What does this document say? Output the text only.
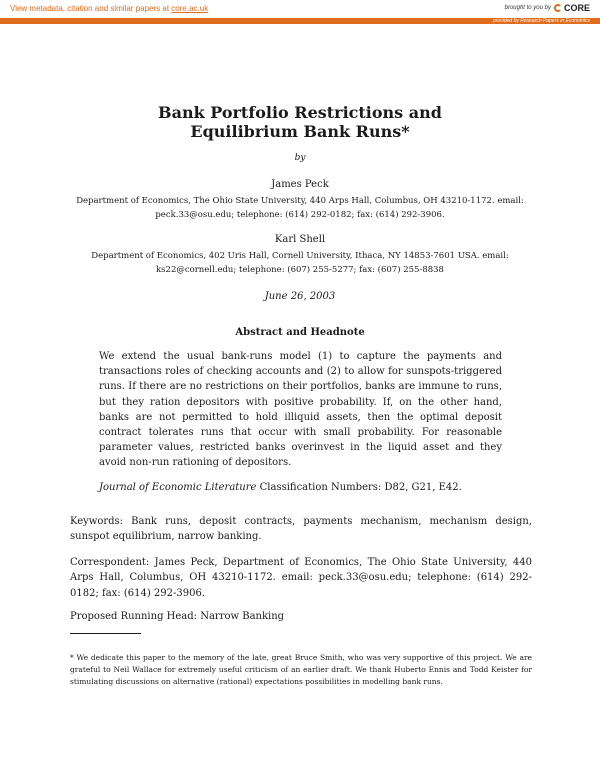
View metadata, citation and similar papers at core.ac.uk	brought to you by CORE
provided by Research Papers in Economics
Bank Portfolio Restrictions and
Equilibrium Bank Runs*
by
James Peck
Department of Economics, The Ohio State University, 440 Arps Hall, Columbus, OH 43210-1172. email:
peck.33@osu.edu; telephone: (614) 292-0182; fax: (614) 292-3906.
Karl Shell
Department of Economics, 402 Uris Hall, Cornell University, Ithaca, NY 14853-7601 USA. email:
ks22@cornell.edu; telephone: (607) 255-5277; fax: (607) 255-8838
June 26, 2003
Abstract and Headnote
We extend the usual bank-runs model (1) to capture the payments and transactions roles of checking accounts and (2) to allow for sunspots-triggered runs. If there are no restrictions on their portfolios, banks are immune to runs, but they ration depositors with positive probability. If, on the other hand, banks are not permitted to hold illiquid assets, then the optimal deposit contract tolerates runs that occur with small probability. For reasonable parameter values, restricted banks overinvest in the liquid asset and they avoid non-run rationing of depositors.
Journal of Economic Literature Classification Numbers: D82, G21, E42.
Keywords: Bank runs, deposit contracts, payments mechanism, mechanism design, sunspot equilibrium, narrow banking.
Correspondent: James Peck, Department of Economics, The Ohio State University, 440 Arps Hall, Columbus, OH 43210-1172. email: peck.33@osu.edu; telephone: (614) 292-0182; fax: (614) 292-3906.
Proposed Running Head: Narrow Banking
* We dedicate this paper to the memory of the late, great Bruce Smith, who was very supportive of this project. We are grateful to Neil Wallace for extremely useful criticism of an earlier draft. We thank Huberto Ennis and Todd Keister for stimulating discussions on alternative (rational) expectations possibilities in modelling bank runs.
